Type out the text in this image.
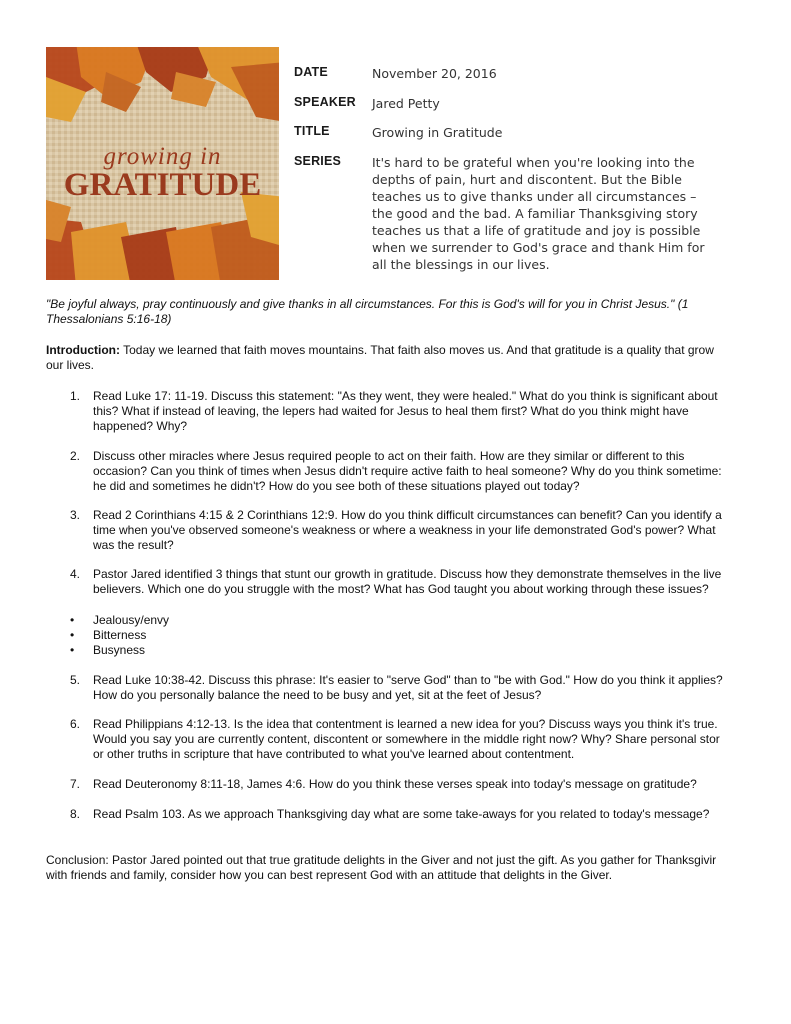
growing in
GRATITUDE
DATE	November 20, 2016
SPEAKER	Jared Petty
TITLE	Growing in Gratitude
SERIES	It's hard to be grateful when you're looking into the
depths of pain, hurt and discontent. But the Bible
teaches us to give thanks under all circumstances –
the good and the bad. A familiar Thanksgiving story
teaches us that a life of gratitude and joy is possible
when we surrender to God's grace and thank Him for
all the blessings in our lives.
"Be joyful always, pray continuously and give thanks in all circumstances. For this is God's will for you in Christ Jesus." (1
Thessalonians 5:16-18)
Introduction: Today we learned that faith moves mountains. That faith also moves us. And that gratitude is a quality that grow
our lives.
1.	Read Luke 17: 11-19. Discuss this statement: "As they went, they were healed." What do you think is significant about
this? What if instead of leaving, the lepers had waited for Jesus to heal them first? What do you think might have
happened? Why?
2.	Discuss other miracles where Jesus required people to act on their faith. How are they similar or different to this
occasion? Can you think of times when Jesus didn't require active faith to heal someone? Why do you think sometime:
he did and sometimes he didn't? How do you see both of these situations played out today?
3.	Read 2 Corinthians 4:15 & 2 Corinthians 12:9. How do you think difficult circumstances can benefit? Can you identify a
time when you've observed someone's weakness or where a weakness in your life demonstrated God's power? What
was the result?
4.	Pastor Jared identified 3 things that stunt our growth in gratitude. Discuss how they demonstrate themselves in the live
believers. Which one do you struggle with the most? What has God taught you about working through these issues?
• Jealousy/envy
• Bitterness
• Busyness
5.	Read Luke 10:38-42. Discuss this phrase: It's easier to "serve God" than to "be with God." How do you think it applies?
How do you personally balance the need to be busy and yet, sit at the feet of Jesus?
6.	Read Philippians 4:12-13. Is the idea that contentment is learned a new idea for you? Discuss ways you think it's true.
Would you say you are currently content, discontent or somewhere in the middle right now? Why? Share personal stor
or other truths in scripture that have contributed to what you've learned about contentment.
7.	Read Deuteronomy 8:11-18, James 4:6. How do you think these verses speak into today's message on gratitude?
8.	Read Psalm 103. As we approach Thanksgiving day what are some take-aways for you related to today's message?
Conclusion: Pastor Jared pointed out that true gratitude delights in the Giver and not just the gift. As you gather for Thanksgivir
with friends and family, consider how you can best represent God with an attitude that delights in the Giver.
